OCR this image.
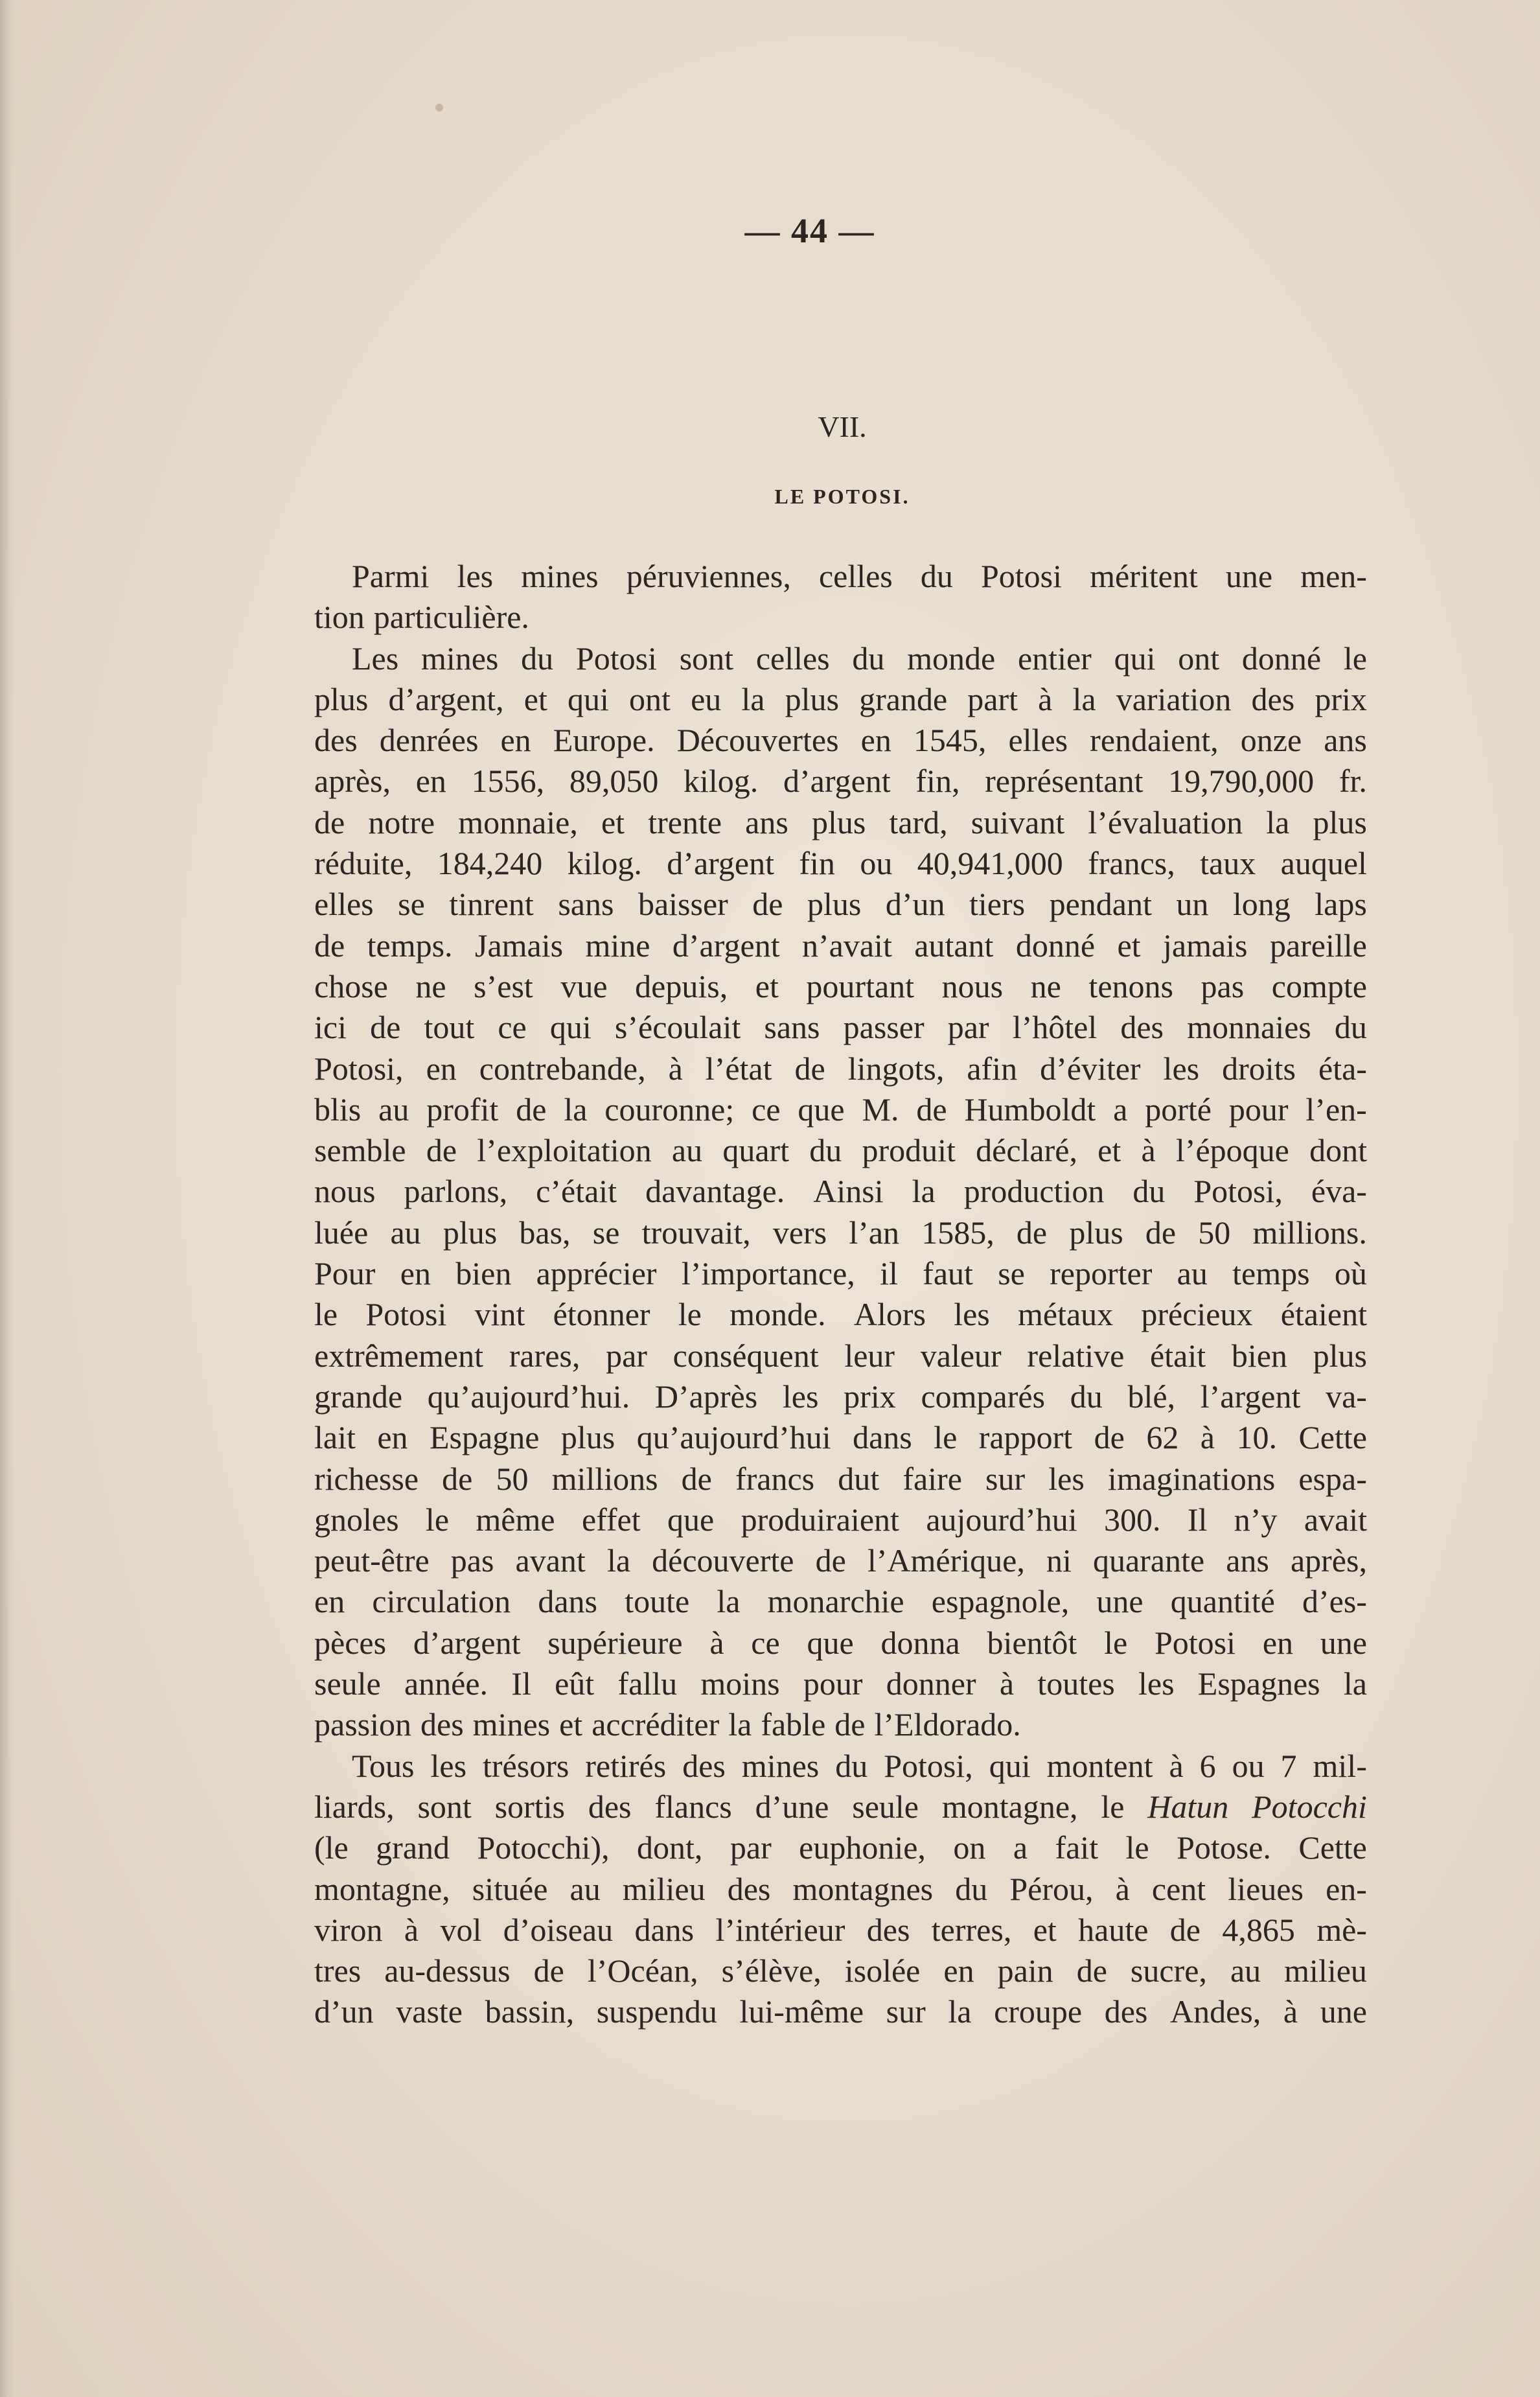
— 44 —
VII.
LE POTOSI.
Parmi les mines péruviennes, celles du Potosi méritent une men-
tion particulière.
Les mines du Potosi sont celles du monde entier qui ont donné le
plus d’argent, et qui ont eu la plus grande part à la variation des prix
des denrées en Europe. Découvertes en 1545, elles rendaient, onze ans
après, en 1556, 89,050 kilog. d’argent fin, représentant 19,790,000 fr.
de notre monnaie, et trente ans plus tard, suivant l’évaluation la plus
réduite, 184,240 kilog. d’argent fin ou 40,941,000 francs, taux auquel
elles se tinrent sans baisser de plus d’un tiers pendant un long laps
de temps. Jamais mine d’argent n’avait autant donné et jamais pareille
chose ne s’est vue depuis, et pourtant nous ne tenons pas compte
ici de tout ce qui s’écoulait sans passer par l’hôtel des monnaies du
Potosi, en contrebande, à l’état de lingots, afin d’éviter les droits éta-
blis au profit de la couronne; ce que M. de Humboldt a porté pour l’en-
semble de l’exploitation au quart du produit déclaré, et à l’époque dont
nous parlons, c’était davantage. Ainsi la production du Potosi, éva-
luée au plus bas, se trouvait, vers l’an 1585, de plus de 50 millions.
Pour en bien apprécier l’importance, il faut se reporter au temps où
le Potosi vint étonner le monde. Alors les métaux précieux étaient
extrêmement rares, par conséquent leur valeur relative était bien plus
grande qu’aujourd’hui. D’après les prix comparés du blé, l’argent va-
lait en Espagne plus qu’aujourd’hui dans le rapport de 62 à 10. Cette
richesse de 50 millions de francs dut faire sur les imaginations espa-
gnoles le même effet que produiraient aujourd’hui 300. Il n’y avait
peut-être pas avant la découverte de l’Amérique, ni quarante ans après,
en circulation dans toute la monarchie espagnole, une quantité d’es-
pèces d’argent supérieure à ce que donna bientôt le Potosi en une
seule année. Il eût fallu moins pour donner à toutes les Espagnes la
passion des mines et accréditer la fable de l’Eldorado.
Tous les trésors retirés des mines du Potosi, qui montent à 6 ou 7 mil-
liards, sont sortis des flancs d’une seule montagne, le Hatun Potocchi
(le grand Potocchi), dont, par euphonie, on a fait le Potose. Cette
montagne, située au milieu des montagnes du Pérou, à cent lieues en-
viron à vol d’oiseau dans l’intérieur des terres, et haute de 4,865 mè-
tres au-dessus de l’Océan, s’élève, isolée en pain de sucre, au milieu
d’un vaste bassin, suspendu lui-même sur la croupe des Andes, à une
